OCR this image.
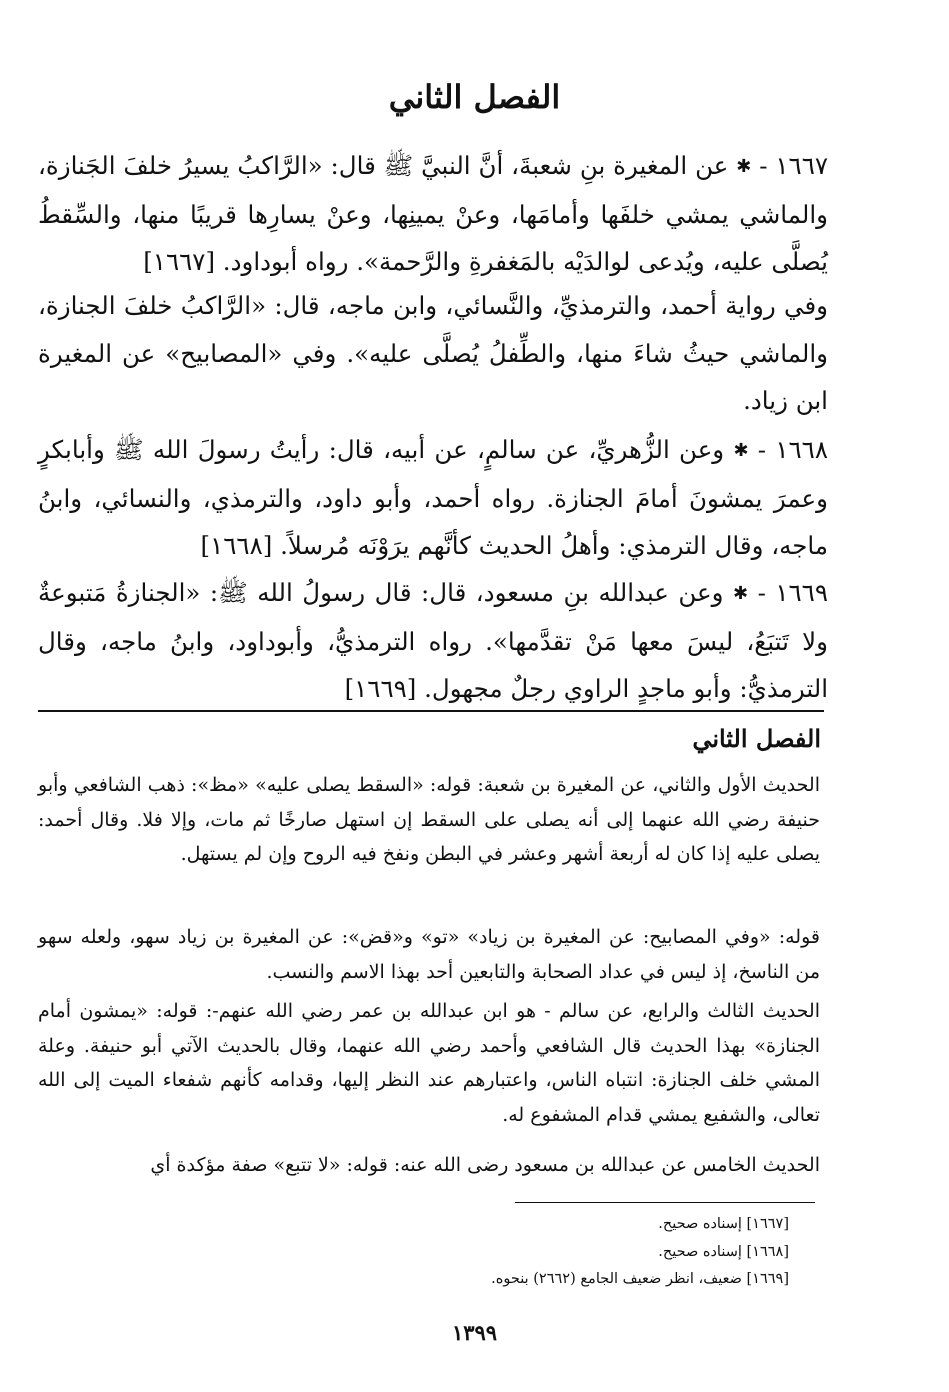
الفصل الثاني

١٦٦٧ - ✱ عن المغيرة بنِ شعبةَ، أنَّ النبيَّ ﷺ قال: «الرَّاكبُ يسيرُ خلفَ الجَنازة، والماشي يمشي خلفَها وأمامَها، وعنْ يمينِها، وعنْ يسارِها قريبًا منها، والسِّقطُ يُصلَّى عليه، ويُدعى لوالدَيْه بالمَغفرةِ والرَّحمة». رواه أبوداود. [١٦٦٧]

وفي رواية أحمد، والترمذيِّ، والنَّسائي، وابن ماجه، قال: «الرَّاكبُ خلفَ الجنازة، والماشي حيثُ شاءَ منها، والطِّفلُ يُصلَّى عليه». وفي «المصابيح» عن المغيرة ابن زياد.

١٦٦٨ - ✱ وعن الزُّهريِّ، عن سالمٍ، عن أبيه، قال: رأيتُ رسولَ الله ﷺ وأبابكرٍ وعمرَ يمشونَ أمامَ الجنازة. رواه أحمد، وأبو داود، والترمذي، والنسائي، وابنُ ماجه، وقال الترمذي: وأهلُ الحديث كأنَّهم يرَوْنَه مُرسلاً. [١٦٦٨]

١٦٦٩ - ✱ وعن عبدالله بنِ مسعود، قال: قال رسولُ الله ﷺ: «الجنازةُ مَتبوعةٌ ولا تَتبَعُ، ليسَ معها مَنْ تقدَّمها». رواه الترمذيُّ، وأبوداود، وابنُ ماجه، وقال الترمذيُّ: وأبو ماجدٍ الراوي رجلٌ مجهول. [١٦٦٩]

الفصل الثاني

الحديث الأول والثاني، عن المغيرة بن شعبة: قوله: «السقط يصلى عليه» «مظ»: ذهب الشافعي وأبو حنيفة رضي الله عنهما إلى أنه يصلى على السقط إن استهل صارخًا ثم مات، وإلا فلا. وقال أحمد: يصلى عليه إذا كان له أربعة أشهر وعشر في البطن ونفخ فيه الروح وإن لم يستهل.

قوله: «وفي المصابيح: عن المغيرة بن زياد» «تو» و«قض»: عن المغيرة بن زياد سهو، ولعله سهو من الناسخ، إذ ليس في عداد الصحابة والتابعين أحد بهذا الاسم والنسب.

الحديث الثالث والرابع، عن سالم - هو ابن عبدالله بن عمر رضي الله عنهم-: قوله: «يمشون أمام الجنازة» بهذا الحديث قال الشافعي وأحمد رضي الله عنهما، وقال بالحديث الآتي أبو حنيفة. وعلة المشي خلف الجنازة: انتباه الناس، واعتبارهم عند النظر إليها، وقدامه كأنهم شفعاء الميت إلى الله تعالى، والشفيع يمشي قدام المشفوع له.

الحديث الخامس عن عبدالله بن مسعود رضى الله عنه: قوله: «لا تتبع» صفة مؤكدة أي

[١٦٦٧] إسناده صحيح.

[١٦٦٨] إسناده صحيح.

[١٦٦٩] ضعيف، انظر ضعيف الجامع (٢٦٦٢) بنحوه.

١٣٩٩
